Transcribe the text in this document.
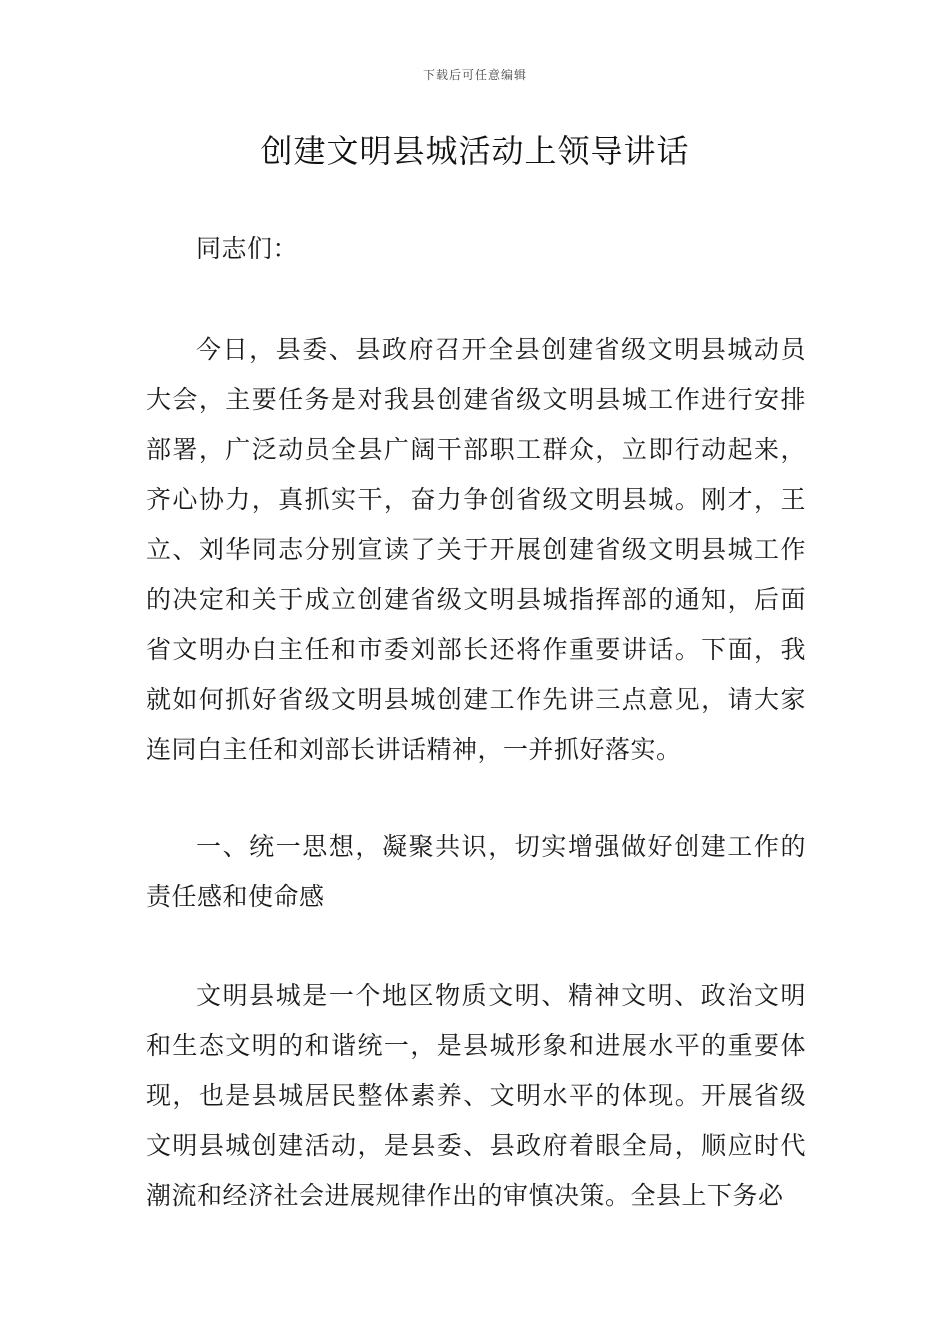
下载后可任意编辑
创建文明县城活动上领导讲话

同志们：

今日，县委、县政府召开全县创建省级文明县城动员大会，主要任务是对我县创建省级文明县城工作进行安排部署，广泛动员全县广阔干部职工群众，立即行动起来，齐心协力，真抓实干，奋力争创省级文明县城。刚才，王立、刘华同志分别宣读了关于开展创建省级文明县城工作的决定和关于成立创建省级文明县城指挥部的通知，后面省文明办白主任和市委刘部长还将作重要讲话。下面，我就如何抓好省级文明县城创建工作先讲三点意见，请大家连同白主任和刘部长讲话精神，一并抓好落实。

一、统一思想，凝聚共识，切实增强做好创建工作的责任感和使命感

文明县城是一个地区物质文明、精神文明、政治文明和生态文明的和谐统一，是县城形象和进展水平的重要体现，也是县城居民整体素养、文明水平的体现。开展省级文明县城创建活动，是县委、县政府着眼全局，顺应时代潮流和经济社会进展规律作出的审慎决策。全县上下务必
